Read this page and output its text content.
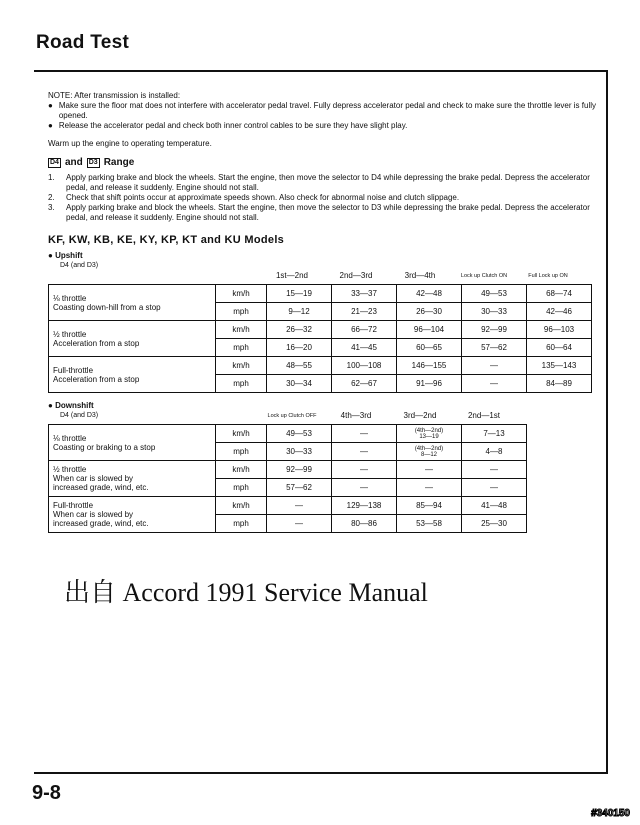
Road Test

NOTE: After transmission is installed:

● Make sure the floor mat does not interfere with accelerator pedal travel. Fully depress accelerator pedal and check to make sure the throttle lever is fully opened.
● Release the accelerator pedal and check both inner control cables to be sure they have slight play.

Warm up the engine to operating temperature.

D4 and D3 Range
1.	Apply parking brake and block the wheels. Start the engine, then move the selector to D4 while depressing the brake pedal. Depress the accelerator pedal, and release it suddenly. Engine should not stall.
2.	Check that shift points occur at approximate speeds shown. Also check for abnormal noise and clutch slippage.
3.	Apply parking brake and block the wheels. Start the engine, then move the selector to D3 while depressing the brake pedal. Depress the accelerator pedal, and release it suddenly. Engine should not stall.
KF, KW, KB, KE, KY, KP, KT and KU Models
● Upshift
D4 (and D3)
1st—2nd	2nd—3rd	3rd—4th	Lock up Clutch ON	Full Lock up ON
⅛ throttle
Coasting down-hill from a stop	km/h	15—19	33—37	42—48	49—53	68—74
	mph	9—12	21—23	26—30	30—33	42—46

½ throttle
Acceleration from a stop	km/h	26—32	66—72	96—104	92—99	96—103
	mph	16—20	41—45	60—65	57—62	60—64

Full-throttle
Acceleration from a stop	km/h	48—55	100—108	146—155	—	135—143
	mph	30—34	62—67	91—96	—	84—89
● Downshift
D4 (and D3)	Lock up Clutch OFF	4th—3rd	3rd—2nd	2nd—1st
⅛ throttle
Coasting or braking to a stop	km/h	49—53	—	(4th—2nd)
13—19	7—13
	mph	30—33	—	(4th—2nd)
8—12	4—8

½ throttle
When car is slowed by
increased grade, wind, etc.	km/h	92—99	—	—	—
	mph	57—62	—	—	—

Full-throttle
When car is slowed by
increased grade, wind, etc.	km/h	—	129—138	85—94	41—48
	mph	—	80—86	53—58	25—30
出自 Accord 1991 Service Manual
9-8
#340150
